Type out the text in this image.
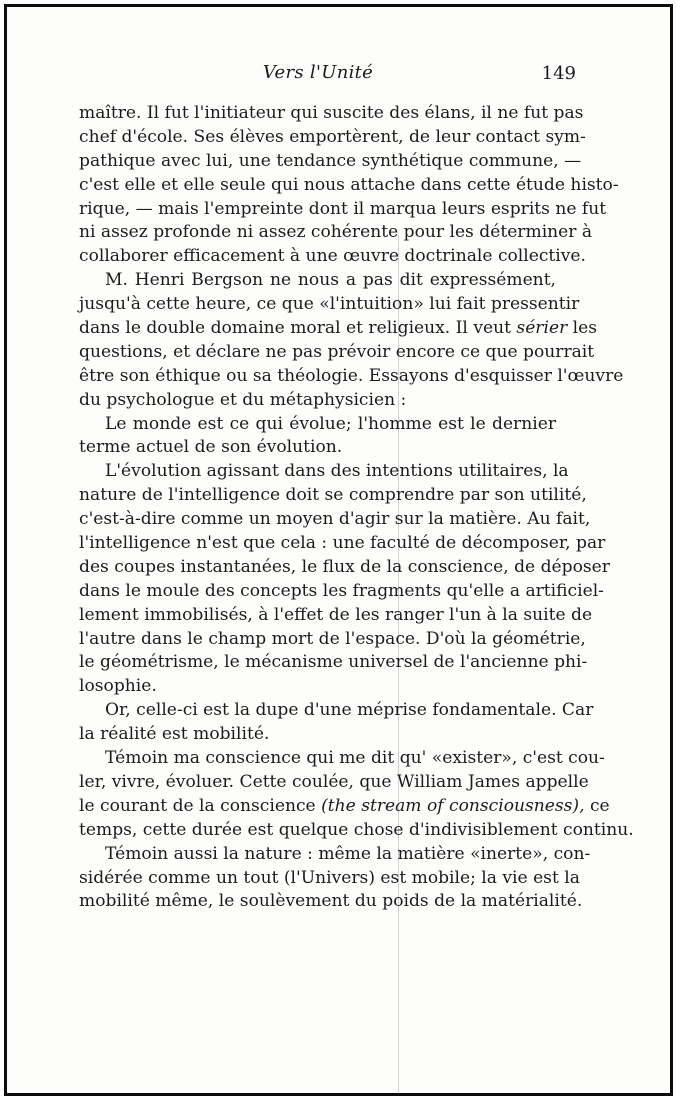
Vers l'Unité	149
maître. Il fut l'initiateur qui suscite des élans, il ne fut pas
chef d'école. Ses élèves emportèrent, de leur contact sym-
pathique avec lui, une tendance synthétique commune, —
c'est elle et elle seule qui nous attache dans cette étude histo-
rique, — mais l'empreinte dont il marqua leurs esprits ne fut
ni assez profonde ni assez cohérente pour les déterminer à
collaborer efficacement à une œuvre doctrinale collective.
M. Henri Bergson ne nous a pas dit expressément,
jusqu'à cette heure, ce que «l'intuition» lui fait pressentir
dans le double domaine moral et religieux. Il veut sérier les
questions, et déclare ne pas prévoir encore ce que pourrait
être son éthique ou sa théologie. Essayons d'esquisser l'œuvre
du psychologue et du métaphysicien :
Le monde est ce qui évolue; l'homme est le dernier
terme actuel de son évolution.
L'évolution agissant dans des intentions utilitaires, la
nature de l'intelligence doit se comprendre par son utilité,
c'est-à-dire comme un moyen d'agir sur la matière. Au fait,
l'intelligence n'est que cela : une faculté de décomposer, par
des coupes instantanées, le flux de la conscience, de déposer
dans le moule des concepts les fragments qu'elle a artificiel-
lement immobilisés, à l'effet de les ranger l'un à la suite de
l'autre dans le champ mort de l'espace. D'où la géométrie,
le géométrisme, le mécanisme universel de l'ancienne phi-
losophie.
Or, celle-ci est la dupe d'une méprise fondamentale. Car
la réalité est mobilité.
Témoin ma conscience qui me dit qu' «exister», c'est cou-
ler, vivre, évoluer. Cette coulée, que William James appelle
le courant de la conscience (the stream of consciousness), ce
temps, cette durée est quelque chose d'indivisiblement continu.
Témoin aussi la nature : même la matière «inerte», con-
sidérée comme un tout (l'Univers) est mobile; la vie est la
mobilité même, le soulèvement du poids de la matérialité.
